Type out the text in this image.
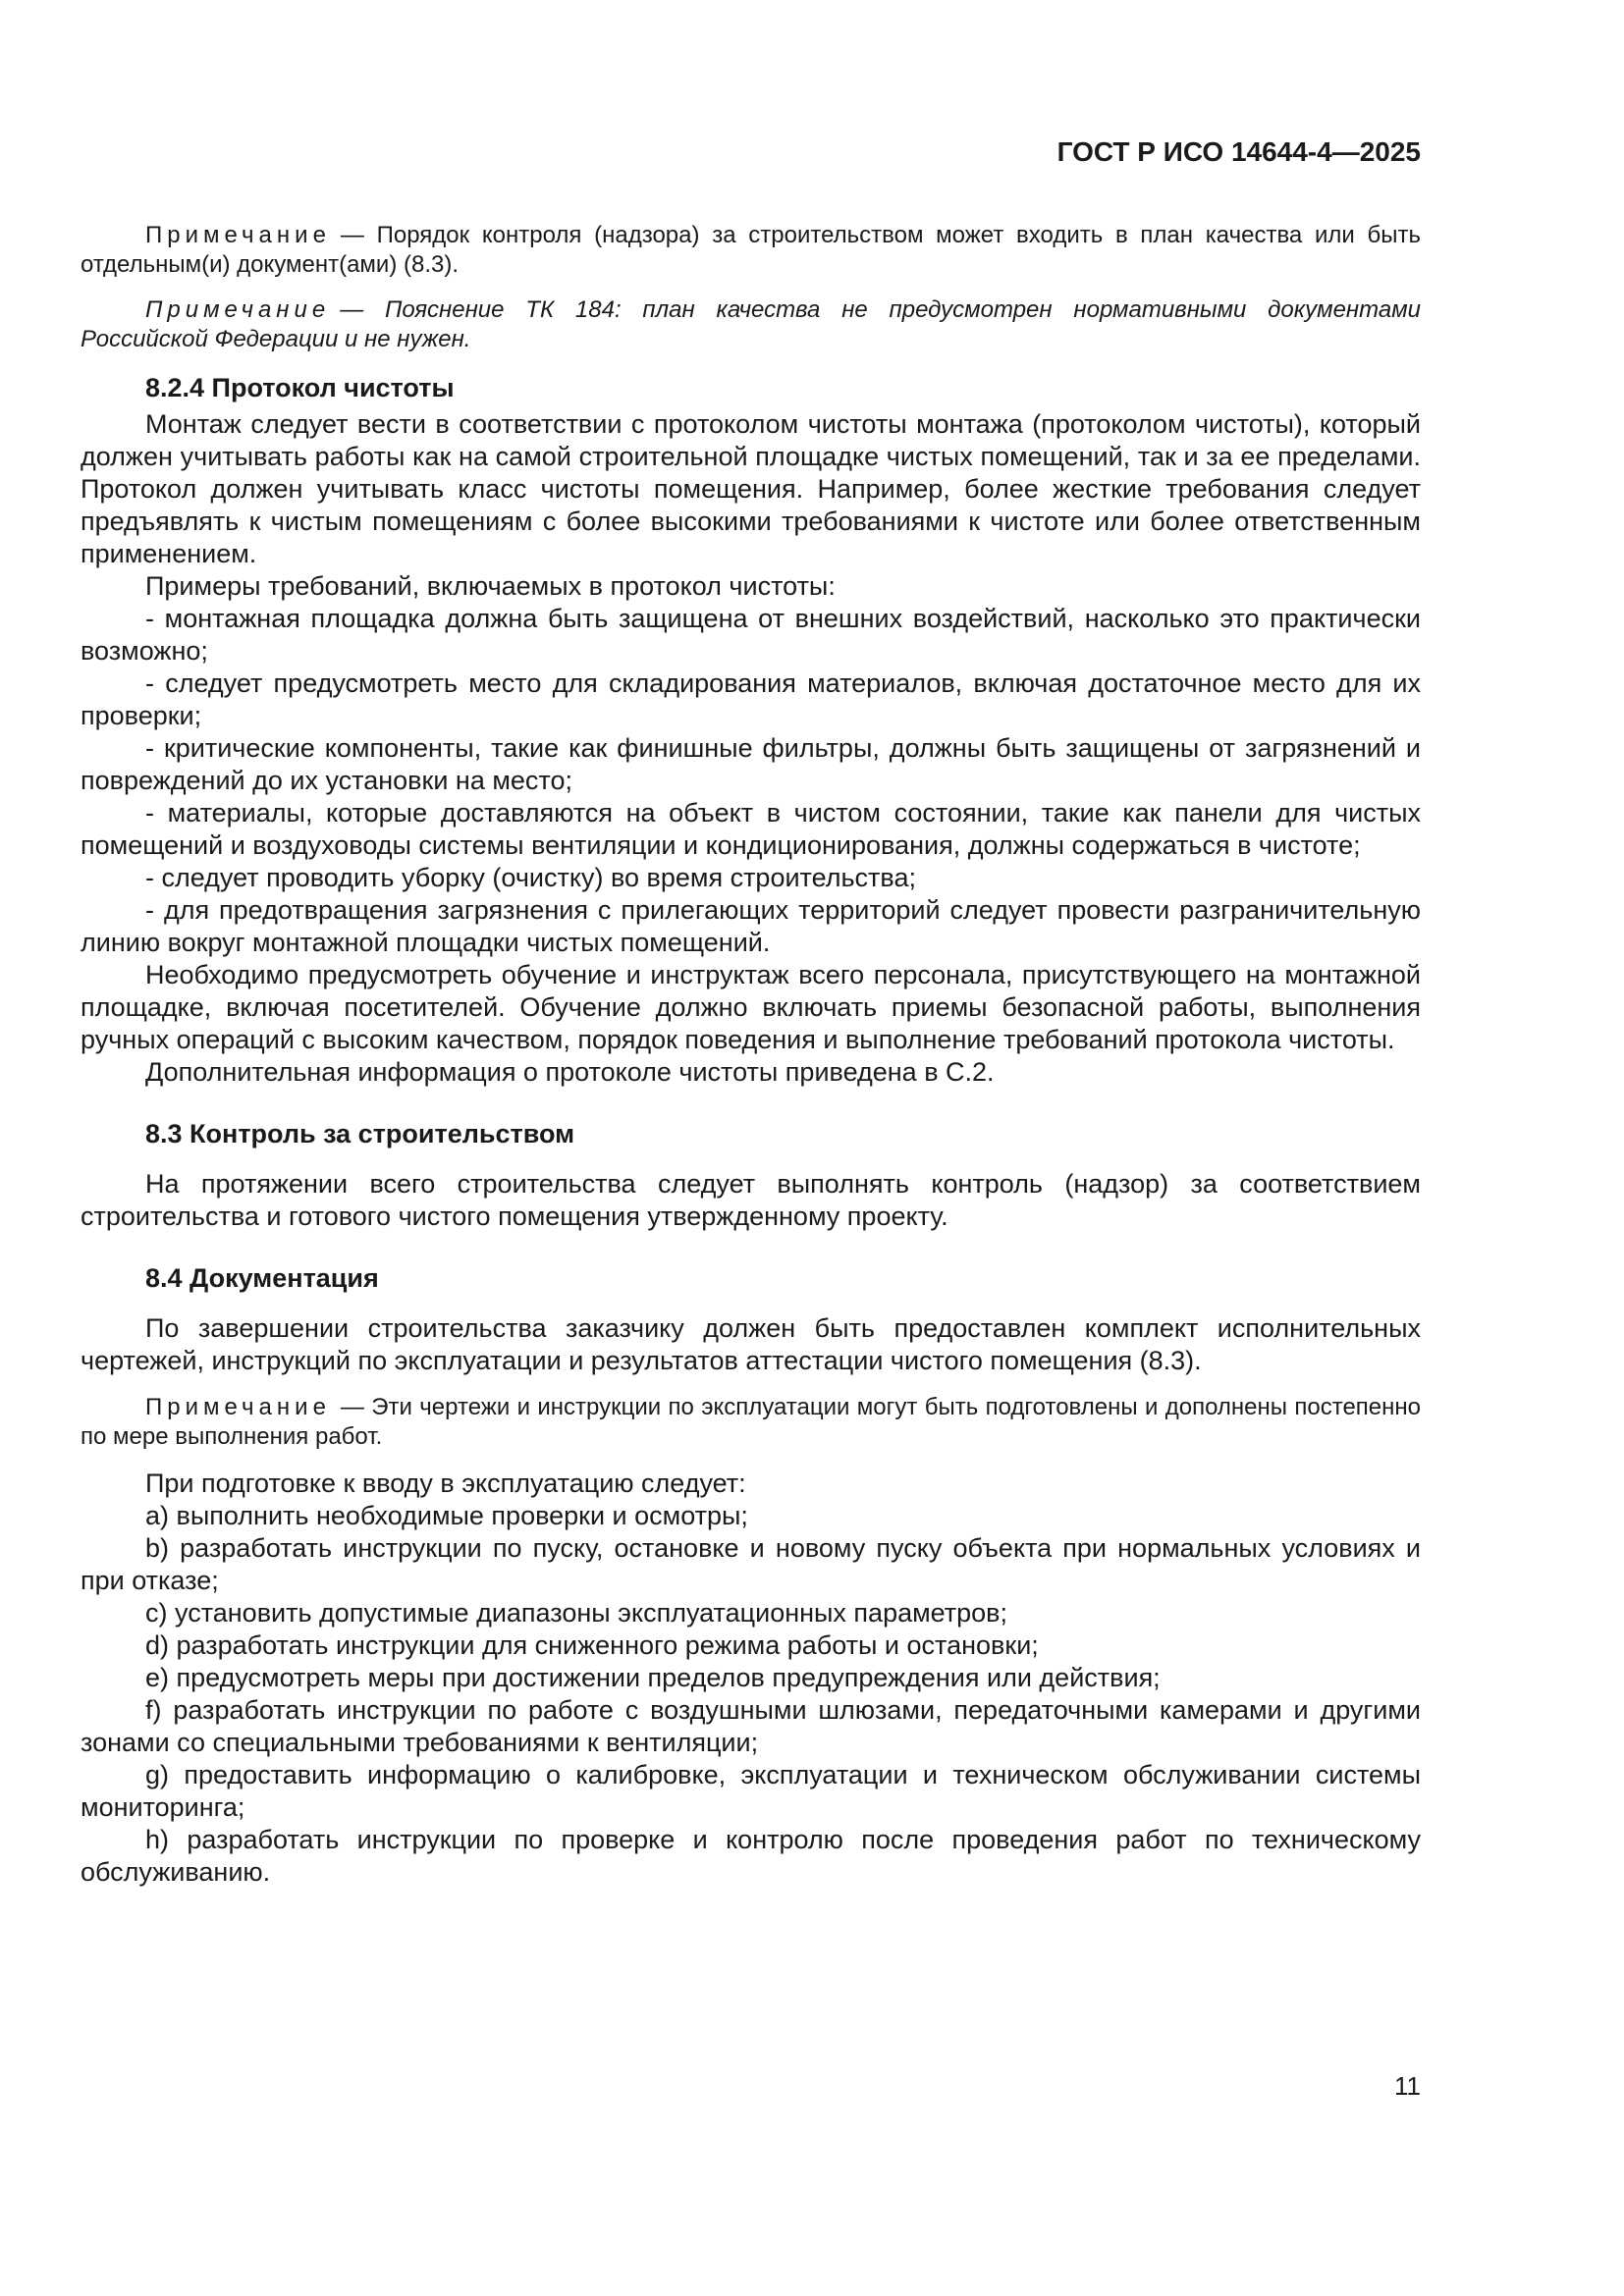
ГОСТ Р ИСО 14644-4—2025

Примечание — Порядок контроля (надзора) за строительством может входить в план качества или быть отдельным(и) документ(ами) (8.3).

Примечание — Пояснение ТК 184: план качества не предусмотрен нормативными документами Российской Федерации и не нужен.

8.2.4 Протокол чистоты

Монтаж следует вести в соответствии с протоколом чистоты монтажа (протоколом чистоты), который должен учитывать работы как на самой строительной площадке чистых помещений, так и за ее пределами. Протокол должен учитывать класс чистоты помещения. Например, более жесткие требования следует предъявлять к чистым помещениям с более высокими требованиями к чистоте или более ответственным применением.

Примеры требований, включаемых в протокол чистоты:

- монтажная площадка должна быть защищена от внешних воздействий, насколько это практически возможно;

- следует предусмотреть место для складирования материалов, включая достаточное место для их проверки;

- критические компоненты, такие как финишные фильтры, должны быть защищены от загрязнений и повреждений до их установки на место;

- материалы, которые доставляются на объект в чистом состоянии, такие как панели для чистых помещений и воздуховоды системы вентиляции и кондиционирования, должны содержаться в чистоте;

- следует проводить уборку (очистку) во время строительства;

- для предотвращения загрязнения с прилегающих территорий следует провести разграничительную линию вокруг монтажной площадки чистых помещений.

Необходимо предусмотреть обучение и инструктаж всего персонала, присутствующего на монтажной площадке, включая посетителей. Обучение должно включать приемы безопасной работы, выполнения ручных операций с высоким качеством, порядок поведения и выполнение требований протокола чистоты.

Дополнительная информация о протоколе чистоты приведена в С.2.

8.3 Контроль за строительством

На протяжении всего строительства следует выполнять контроль (надзор) за соответствием строительства и готового чистого помещения утвержденному проекту.

8.4 Документация

По завершении строительства заказчику должен быть предоставлен комплект исполнительных чертежей, инструкций по эксплуатации и результатов аттестации чистого помещения (8.3).

Примечание — Эти чертежи и инструкции по эксплуатации могут быть подготовлены и дополнены постепенно по мере выполнения работ.

При подготовке к вводу в эксплуатацию следует:

a) выполнить необходимые проверки и осмотры;

b) разработать инструкции по пуску, остановке и новому пуску объекта при нормальных условиях и при отказе;

c) установить допустимые диапазоны эксплуатационных параметров;

d) разработать инструкции для сниженного режима работы и остановки;

e) предусмотреть меры при достижении пределов предупреждения или действия;

f) разработать инструкции по работе с воздушными шлюзами, передаточными камерами и другими зонами со специальными требованиями к вентиляции;

g) предоставить информацию о калибровке, эксплуатации и техническом обслуживании системы мониторинга;

h) разработать инструкции по проверке и контролю после проведения работ по техническому обслуживанию.

11
